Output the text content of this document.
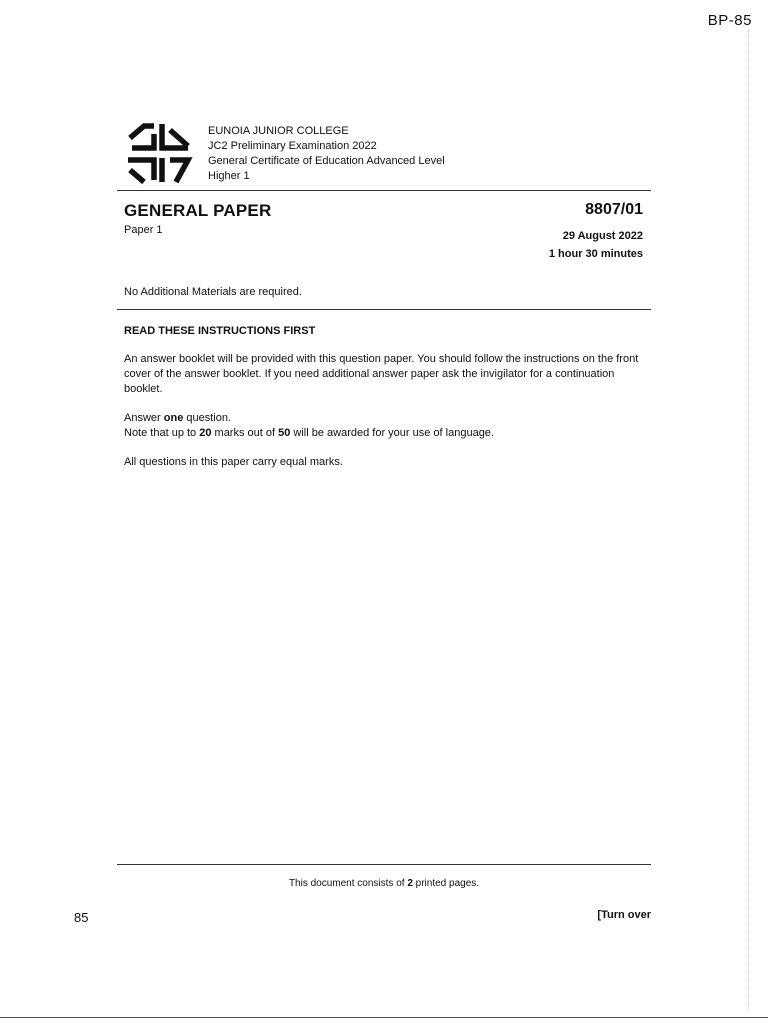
BP-85
EUNOIA JUNIOR COLLEGE
JC2 Preliminary Examination 2022
General Certificate of Education Advanced Level
Higher 1
GENERAL PAPER	8807/01
Paper 1	29 August 2022
1 hour 30 minutes
No Additional Materials are required.
READ THESE INSTRUCTIONS FIRST
An answer booklet will be provided with this question paper. You should follow the instructions on the front cover of the answer booklet. If you need additional answer paper ask the invigilator for a continuation booklet.
Answer one question.
Note that up to 20 marks out of 50 will be awarded for your use of language.
All questions in this paper carry equal marks.
This document consists of 2 printed pages.
85	[Turn over
